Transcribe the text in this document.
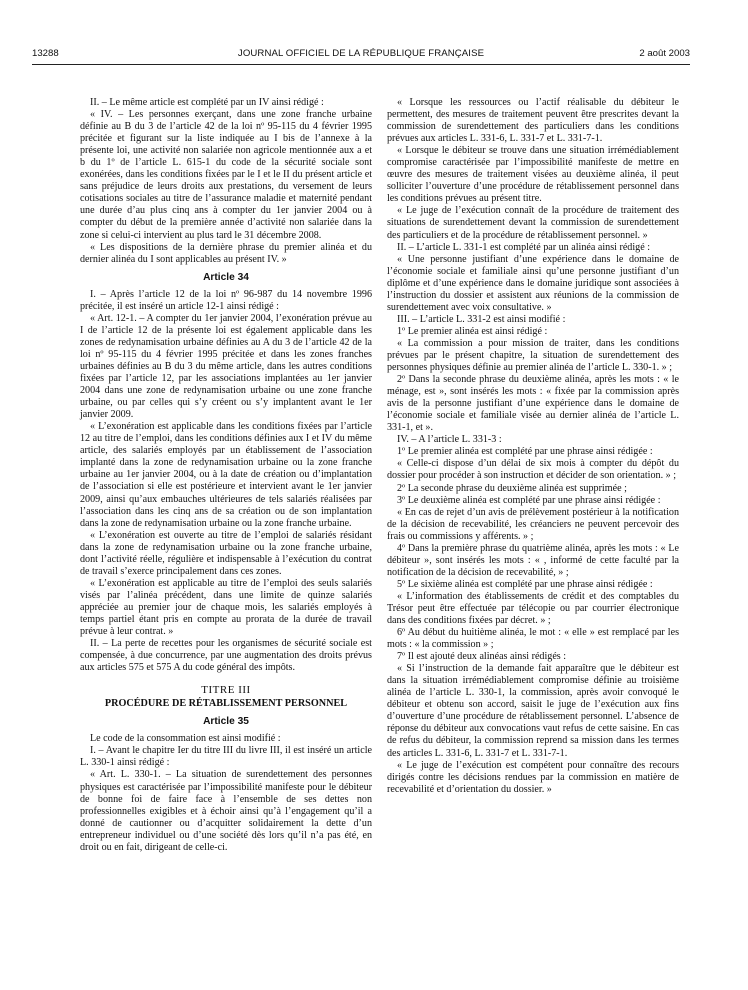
13288	JOURNAL OFFICIEL DE LA RÉPUBLIQUE FRANÇAISE	2 août 2003

II. – Le même article est complété par un IV ainsi rédigé :

« IV. – Les personnes exerçant, dans une zone franche urbaine définie au B du 3 de l’article 42 de la loi nº 95-115 du 4 février 1995 précitée et figurant sur la liste indiquée au I bis de l’annexe à la présente loi, une activité non salariée non agricole mentionnée aux a et b du 1º de l’article L. 615-1 du code de la sécurité sociale sont exonérées, dans les conditions fixées par le I et le II du présent article et sans préjudice de leurs droits aux prestations, du versement de leurs cotisations sociales au titre de l’assurance maladie et maternité pendant une durée d’au plus cinq ans à compter du 1er janvier 2004 ou à compter du début de la première année d’activité non salariée dans la zone si celui-ci intervient au plus tard le 31 décembre 2008.

« Les dispositions de la dernière phrase du premier alinéa et du dernier alinéa du I sont applicables au présent IV. »

Article 34

I. – Après l’article 12 de la loi nº 96-987 du 14 novembre 1996 précitée, il est inséré un article 12-1 ainsi rédigé :

« Art. 12-1. – A compter du 1er janvier 2004, l’exonération prévue au I de l’article 12 de la présente loi est également applicable dans les zones de redynamisation urbaine définies au A du 3 de l’article 42 de la loi nº 95-115 du 4 février 1995 précitée et dans les zones franches urbaines définies au B du 3 du même article, dans les autres conditions fixées par l’article 12, par les associations implantées au 1er janvier 2004 dans une zone de redynamisation urbaine ou une zone franche urbaine, ou par celles qui s’y créent ou s’y implantent avant le 1er janvier 2009.

« L’exonération est applicable dans les conditions fixées par l’article 12 au titre de l’emploi, dans les conditions définies aux I et IV du même article, des salariés employés par un établissement de l’association implanté dans la zone de redynamisation urbaine ou la zone franche urbaine au 1er janvier 2004, ou à la date de création ou d’implantation de l’association si elle est postérieure et intervient avant le 1er janvier 2009, ainsi qu’aux embauches ultérieures de tels salariés réalisées par l’association dans les cinq ans de sa création ou de son implantation dans la zone de redynamisation urbaine ou la zone franche urbaine.

« L’exonération est ouverte au titre de l’emploi de salariés résidant dans la zone de redynamisation urbaine ou la zone franche urbaine, dont l’activité réelle, régulière et indispensable à l’exécution du contrat de travail s’exerce principalement dans ces zones.

« L’exonération est applicable au titre de l’emploi des seuls salariés visés par l’alinéa précédent, dans une limite de quinze salariés appréciée au premier jour de chaque mois, les salariés employés à temps partiel étant pris en compte au prorata de la durée de travail prévue à leur contrat. »

II. – La perte de recettes pour les organismes de sécurité sociale est compensée, à due concurrence, par une augmentation des droits prévus aux articles 575 et 575 A du code général des impôts.

TITRE III
PROCÉDURE DE RÉTABLISSEMENT PERSONNEL
Article 35

Le code de la consommation est ainsi modifié :

I. – Avant le chapitre Ier du titre III du livre III, il est inséré un article L. 330-1 ainsi rédigé :

« Art. L. 330-1. – La situation de surendettement des personnes physiques est caractérisée par l’impossibilité manifeste pour le débiteur de bonne foi de faire face à l’ensemble de ses dettes non professionnelles exigibles et à échoir ainsi qu’à l’engagement qu’il a donné de cautionner ou d’acquitter solidairement la dette d’un entrepreneur individuel ou d’une société dès lors qu’il n’a pas été, en droit ou en fait, dirigeant de celle-ci.

« Lorsque les ressources ou l’actif réalisable du débiteur le permettent, des mesures de traitement peuvent être prescrites devant la commission de surendettement des particuliers dans les conditions prévues aux articles L. 331-6, L. 331-7 et L. 331-7-1.

« Lorsque le débiteur se trouve dans une situation irrémédiablement compromise caractérisée par l’impossibilité manifeste de mettre en œuvre des mesures de traitement visées au deuxième alinéa, il peut solliciter l’ouverture d’une procédure de rétablissement personnel dans les conditions prévues au présent titre.

« Le juge de l’exécution connaît de la procédure de traitement des situations de surendettement devant la commission de surendettement des particuliers et de la procédure de rétablissement personnel. »

II. – L’article L. 331-1 est complété par un alinéa ainsi rédigé :

« Une personne justifiant d’une expérience dans le domaine de l’économie sociale et familiale ainsi qu’une personne justifiant d’un diplôme et d’une expérience dans le domaine juridique sont associées à l’instruction du dossier et assistent aux réunions de la commission de surendettement avec voix consultative. »

III. – L’article L. 331-2 est ainsi modifié :

1º Le premier alinéa est ainsi rédigé :

« La commission a pour mission de traiter, dans les conditions prévues par le présent chapitre, la situation de surendettement des personnes physiques définie au premier alinéa de l’article L. 330-1. » ;

2º Dans la seconde phrase du deuxième alinéa, après les mots : « le ménage, est », sont insérés les mots : « fixée par la commission après avis de la personne justifiant d’une expérience dans le domaine de l’économie sociale et familiale visée au dernier alinéa de l’article L. 331-1, et ».

IV. – A l’article L. 331-3 :

1º Le premier alinéa est complété par une phrase ainsi rédigée :

« Celle-ci dispose d’un délai de six mois à compter du dépôt du dossier pour procéder à son instruction et décider de son orientation. » ;

2º La seconde phrase du deuxième alinéa est supprimée ;

3º Le deuxième alinéa est complété par une phrase ainsi rédigée :

« En cas de rejet d’un avis de prélèvement postérieur à la notification de la décision de recevabilité, les créanciers ne peuvent percevoir des frais ou commissions y afférents. » ;

4º Dans la première phrase du quatrième alinéa, après les mots : « Le débiteur », sont insérés les mots : « , informé de cette faculté par la notification de la décision de recevabilité, » ;

5º Le sixième alinéa est complété par une phrase ainsi rédigée :

« L’information des établissements de crédit et des comptables du Trésor peut être effectuée par télécopie ou par courrier électronique dans des conditions fixées par décret. » ;

6º Au début du huitième alinéa, le mot : « elle » est remplacé par les mots : « la commission » ;

7º Il est ajouté deux alinéas ainsi rédigés :

« Si l’instruction de la demande fait apparaître que le débiteur est dans la situation irrémédiablement compromise définie au troisième alinéa de l’article L. 330-1, la commission, après avoir convoqué le débiteur et obtenu son accord, saisit le juge de l’exécution aux fins d’ouverture d’une procédure de rétablissement personnel. L’absence de réponse du débiteur aux convocations vaut refus de cette saisine. En cas de refus du débiteur, la commission reprend sa mission dans les termes des articles L. 331-6, L. 331-7 et L. 331-7-1.

« Le juge de l’exécution est compétent pour connaître des recours dirigés contre les décisions rendues par la commission en matière de recevabilité et d’orientation du dossier. »
